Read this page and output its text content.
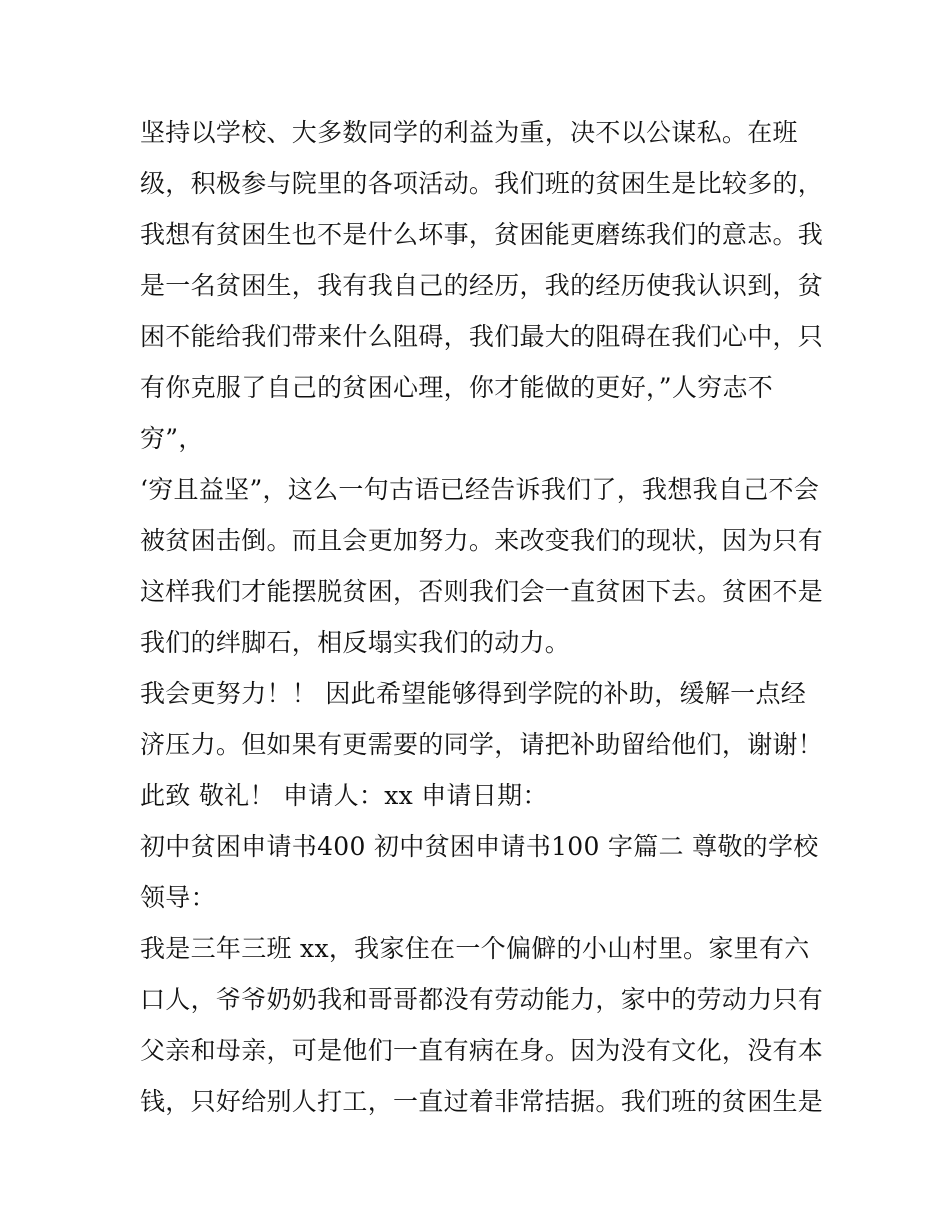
坚持以学校、大多数同学的利益为重，决不以公谋私。在班
级，积极参与院里的各项活动。我们班的贫困生是比较多的，
我想有贫困生也不是什么坏事，贫困能更磨练我们的意志。我
是一名贫困生，我有我自己的经历，我的经历使我认识到，贫
困不能给我们带来什么阻碍，我们最大的阻碍在我们心中，只
有你克服了自己的贫困心理，你才能做的更好，”人穷志不
穷”，
‘穷且益坚”，这么一句古语已经告诉我们了，我想我自己不会
被贫困击倒。而且会更加努力。来改变我们的现状，因为只有
这样我们才能摆脱贫困，否则我们会一直贫困下去。贫困不是
我们的绊脚石，相反塌实我们的动力。
我会更努力！！ 因此希望能够得到学院的补助，缓解一点经
济压力。但如果有更需要的同学，请把补助留给他们，谢谢！
此致 敬礼！ 申请人：xx 申请日期：
初中贫困申请书400 初中贫困申请书100 字篇二 尊敬的学校
领导：
我是三年三班 xx，我家住在一个偏僻的小山村里。家里有六
口人，爷爷奶奶我和哥哥都没有劳动能力，家中的劳动力只有
父亲和母亲，可是他们一直有病在身。因为没有文化，没有本
钱，只好给别人打工，一直过着非常拮据。我们班的贫困生是
